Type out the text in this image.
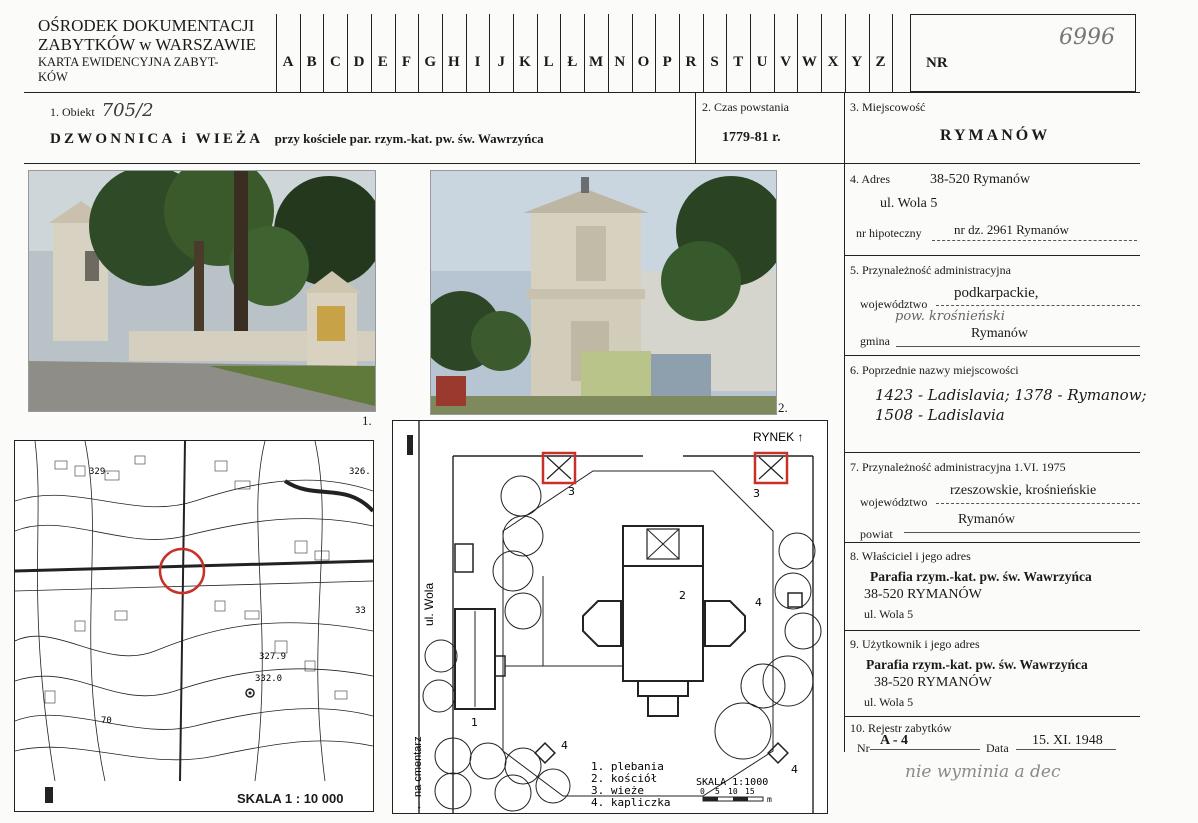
OŚRODEK DOKUMENTACJI
ZABYTKÓW w WARSZAWIE
KARTA EWIDENCYJNA ZABYT-
KÓW
A B C D E F G H I	J K L Ł M N O P R S T U V W X Y Z	NR
6996
1. Obiekt 705/2
DZWONNICA i WIEŻA przy kościele par. rzym.-kat. pw. św. Wawrzyńca
2. Czas powstania
1779-81 r.
3. Miejscowość
RYMANÓW
4. Adres	38-520 Rymanów
ul. Wola 5
nr hipoteczny	nr dz. 2961 Rymanów
5. Przynależność administracyjna
województwo
podkarpackie,
pow. krośnieński
gmina	Rymanów
6. Poprzednie nazwy miejscowości
1423 - Ladislavia; 1378 - Rymanow;
1508 - Ladislavia
7. Przynależność administracyjna 1.VI. 1975
województwo
rzeszowskie, krośnieńskie
powiat
Rymanów
8. Właściciel i jego adres
Parafia rzym.-kat. pw. św. Wawrzyńca
38-520 RYMANÓW
ul. Wola 5
9. Użytkownik i jego adres
Parafia rzym.-kat. pw. św. Wawrzyńca
38-520 RYMANÓW
ul. Wola 5
10. Rejestr zabytków
Nr A - 4	Data	15. XI. 1948
nie wyminia a dec
1.
2.
329.	326.
332.0
327.9
33
70
SKALA 1 : 10 000
RYNEK ↑
ul. Wola
← na cmentarz
2
1
3	3
4
4
4
1. plebania
2. kościół
3. wieże
4. kapliczka
SKALA 1:1000
0 5 10 15
m
